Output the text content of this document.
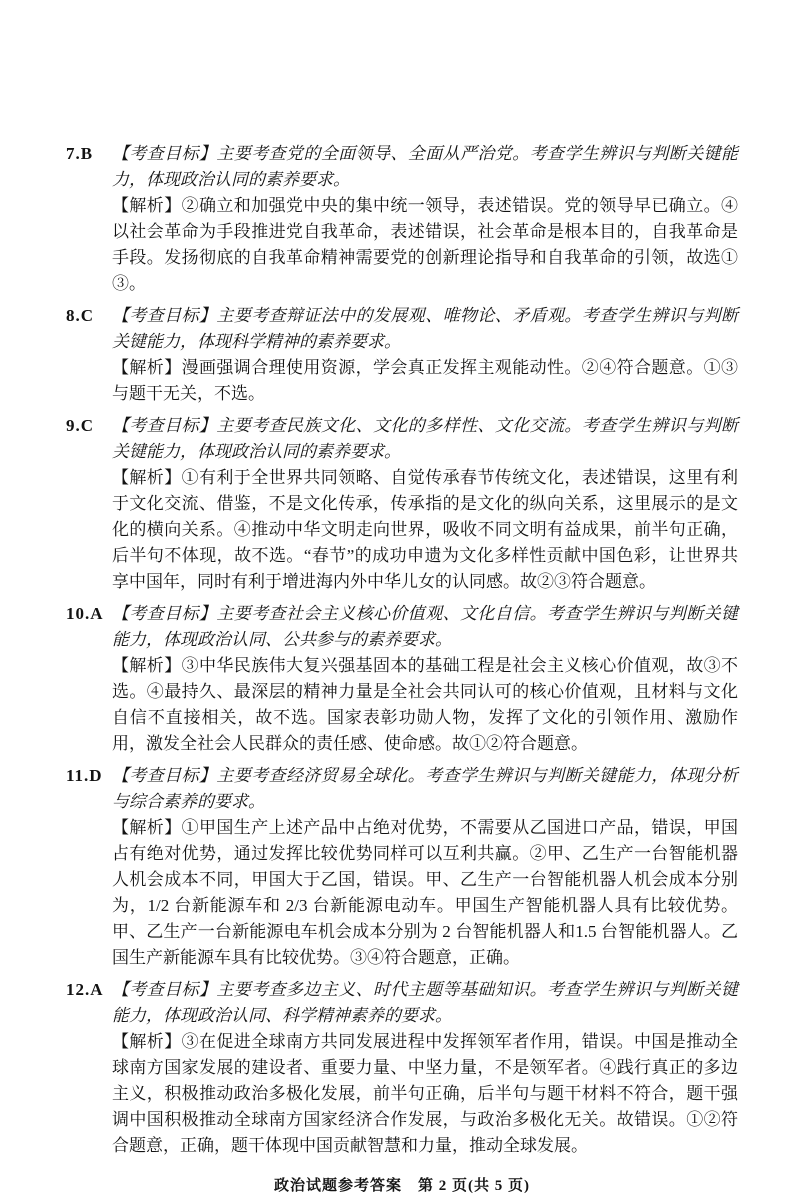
7.B	【考查目标】主要考查党的全面领导、全面从严治党。考查学生辨识与判断关键能力，体现政治认同的素养要求。

【解析】②确立和加强党中央的集中统一领导，表述错误。党的领导早已确立。④以社会革命为手段推进党自我革命，表述错误，社会革命是根本目的，自我革命是手段。发扬彻底的自我革命精神需要党的创新理论指导和自我革命的引领，故选①③。

8.C	【考查目标】主要考查辩证法中的发展观、唯物论、矛盾观。考查学生辨识与判断关键能力，体现科学精神的素养要求。

【解析】漫画强调合理使用资源，学会真正发挥主观能动性。②④符合题意。①③与题干无关，不选。

9.C	【考查目标】主要考查民族文化、文化的多样性、文化交流。考查学生辨识与判断关键能力，体现政治认同的素养要求。

【解析】①有利于全世界共同领略、自觉传承春节传统文化，表述错误，这里有利于文化交流、借鉴，不是文化传承，传承指的是文化的纵向关系，这里展示的是文化的横向关系。④推动中华文明走向世界，吸收不同文明有益成果，前半句正确，后半句不体现，故不选。“春节”的成功申遗为文化多样性贡献中国色彩，让世界共享中国年，同时有利于增进海内外中华儿女的认同感。故②③符合题意。

10.A 【考查目标】主要考查社会主义核心价值观、文化自信。考查学生辨识与判断关键能力，体现政治认同、公共参与的素养要求。

【解析】③中华民族伟大复兴强基固本的基础工程是社会主义核心价值观，故③不选。④最持久、最深层的精神力量是全社会共同认可的核心价值观，且材料与文化自信不直接相关，故不选。国家表彰功勋人物，发挥了文化的引领作用、激励作用，激发全社会人民群众的责任感、使命感。故①②符合题意。

11.D 【考查目标】主要考查经济贸易全球化。考查学生辨识与判断关键能力，体现分析与综合素养的要求。

【解析】①甲国生产上述产品中占绝对优势，不需要从乙国进口产品，错误，甲国占有绝对优势，通过发挥比较优势同样可以互利共赢。②甲、乙生产一台智能机器人机会成本不同，甲国大于乙国，错误。甲、乙生产一台智能机器人机会成本分别为，1/2 台新能源车和 2/3 台新能源电动车。甲国生产智能机器人具有比较优势。甲、乙生产一台新能源电车机会成本分别为 2 台智能机器人和1.5 台智能机器人。乙国生产新能源车具有比较优势。③④符合题意，正确。

12.A 【考查目标】主要考查多边主义、时代主题等基础知识。考查学生辨识与判断关键能力，体现政治认同、科学精神素养的要求。

【解析】③在促进全球南方共同发展进程中发挥领军者作用，错误。中国是推动全球南方国家发展的建设者、重要力量、中坚力量，不是领军者。④践行真正的多边主义，积极推动政治多极化发展，前半句正确，后半句与题干材料不符合，题干强调中国积极推动全球南方国家经济合作发展，与政治多极化无关。故错误。①②符合题意，正确，题干体现中国贡献智慧和力量，推动全球发展。

政治试题参考答案　第 2 页(共 5 页)
